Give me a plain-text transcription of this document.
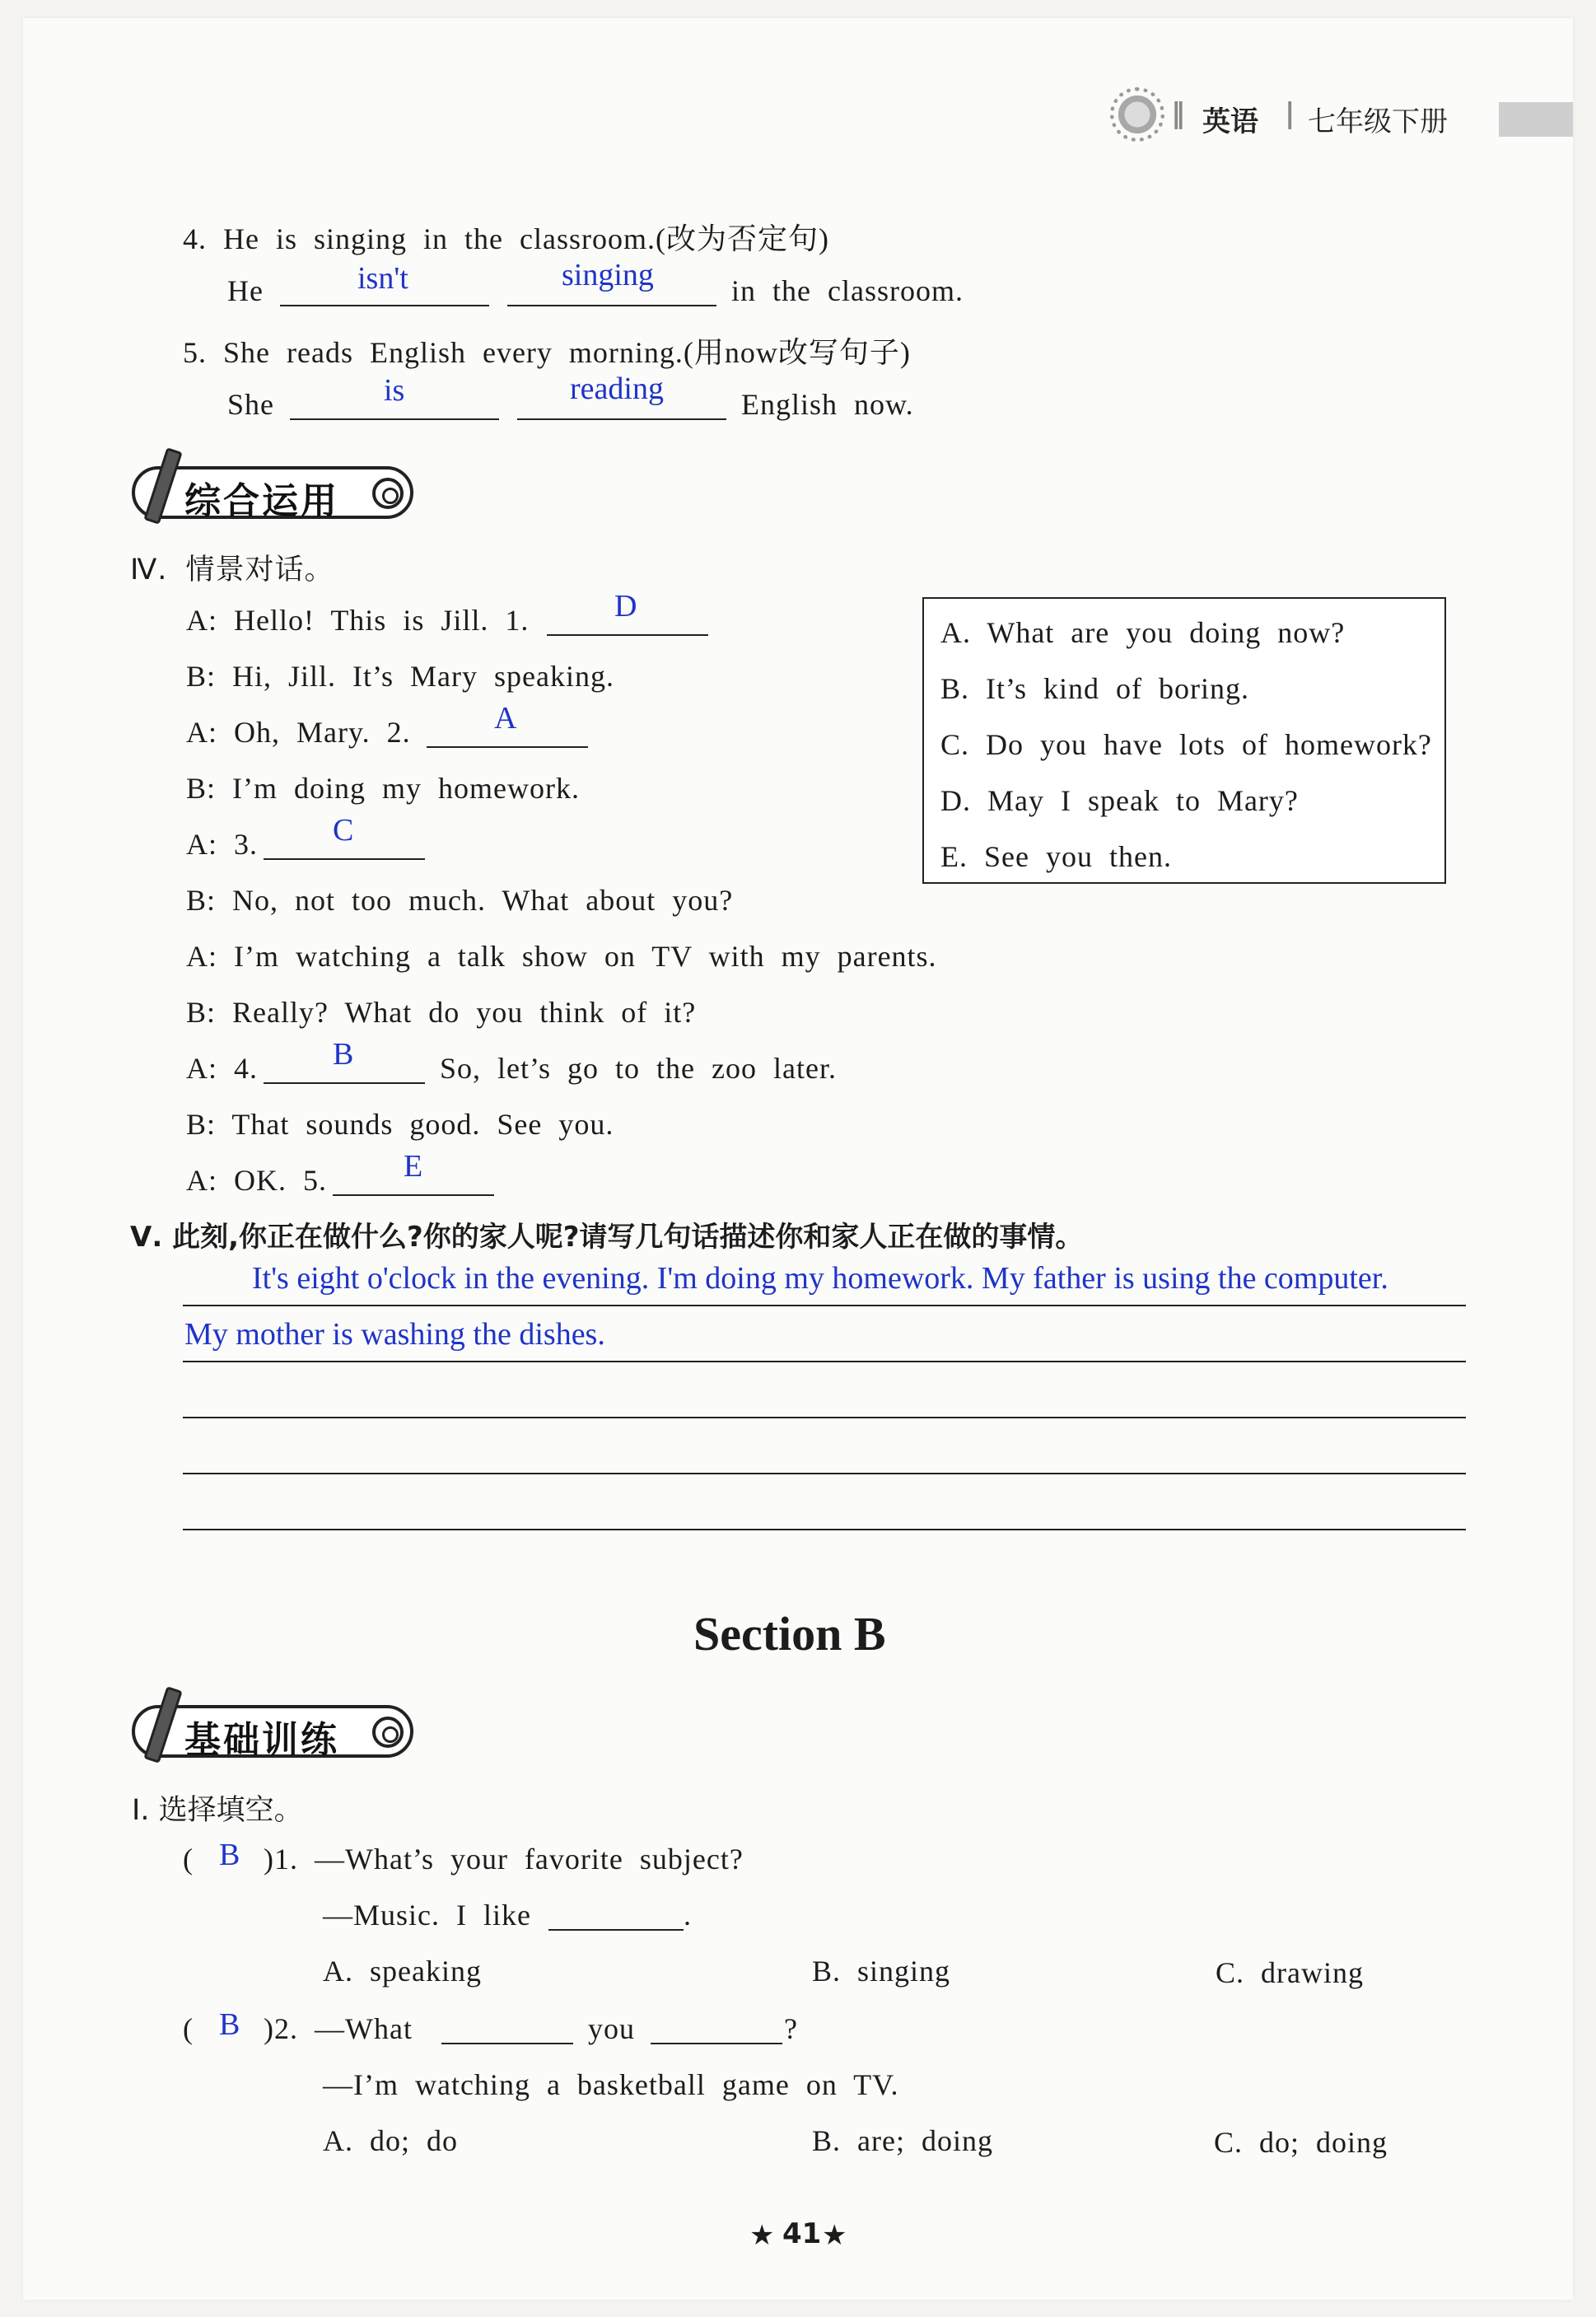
‖ 英语 | 七年级下册
4. He is singing in the classroom.(改为否定句)
He	isn't	singing	in the classroom.
5. She reads English every morning.(用now改写句子)
She	is	reading	English now.
综合运用
Ⅳ. 情景对话。
A: Hello! This is Jill. 1.	D
B: Hi, Jill. It’s Mary speaking.
A: Oh, Mary. 2.	A
B: I’m doing my homework.
A: 3. C
B: No, not too much. What about you?
A: I’m watching a talk show on TV with my parents.
B: Really? What do you think of it?
A: 4. B	So, let’s go to the zoo later.
B: That sounds good. See you.
A: OK. 5. E
A. What are you doing now?
B. It’s kind of boring.
C. Do you have lots of homework?
D. May I speak to Mary?
E. See you then.
Ⅴ. 此刻,你正在做什么?你的家人呢?请写几句话描述你和家人正在做的事情。
It's eight o'clock in the evening. I'm doing my homework. My father is using the computer.
My mother is washing the dishes.
Section B
基础训练
Ⅰ. 选择填空。
( B )1. —What’s your favorite subject?
—Music. I like	.
A. speaking	B. singing	C. drawing
( B )2. —What	you	?
—I’m watching a basketball game on TV.
A. do; do	B. are; doing	C. do; doing
★ 41 ★
